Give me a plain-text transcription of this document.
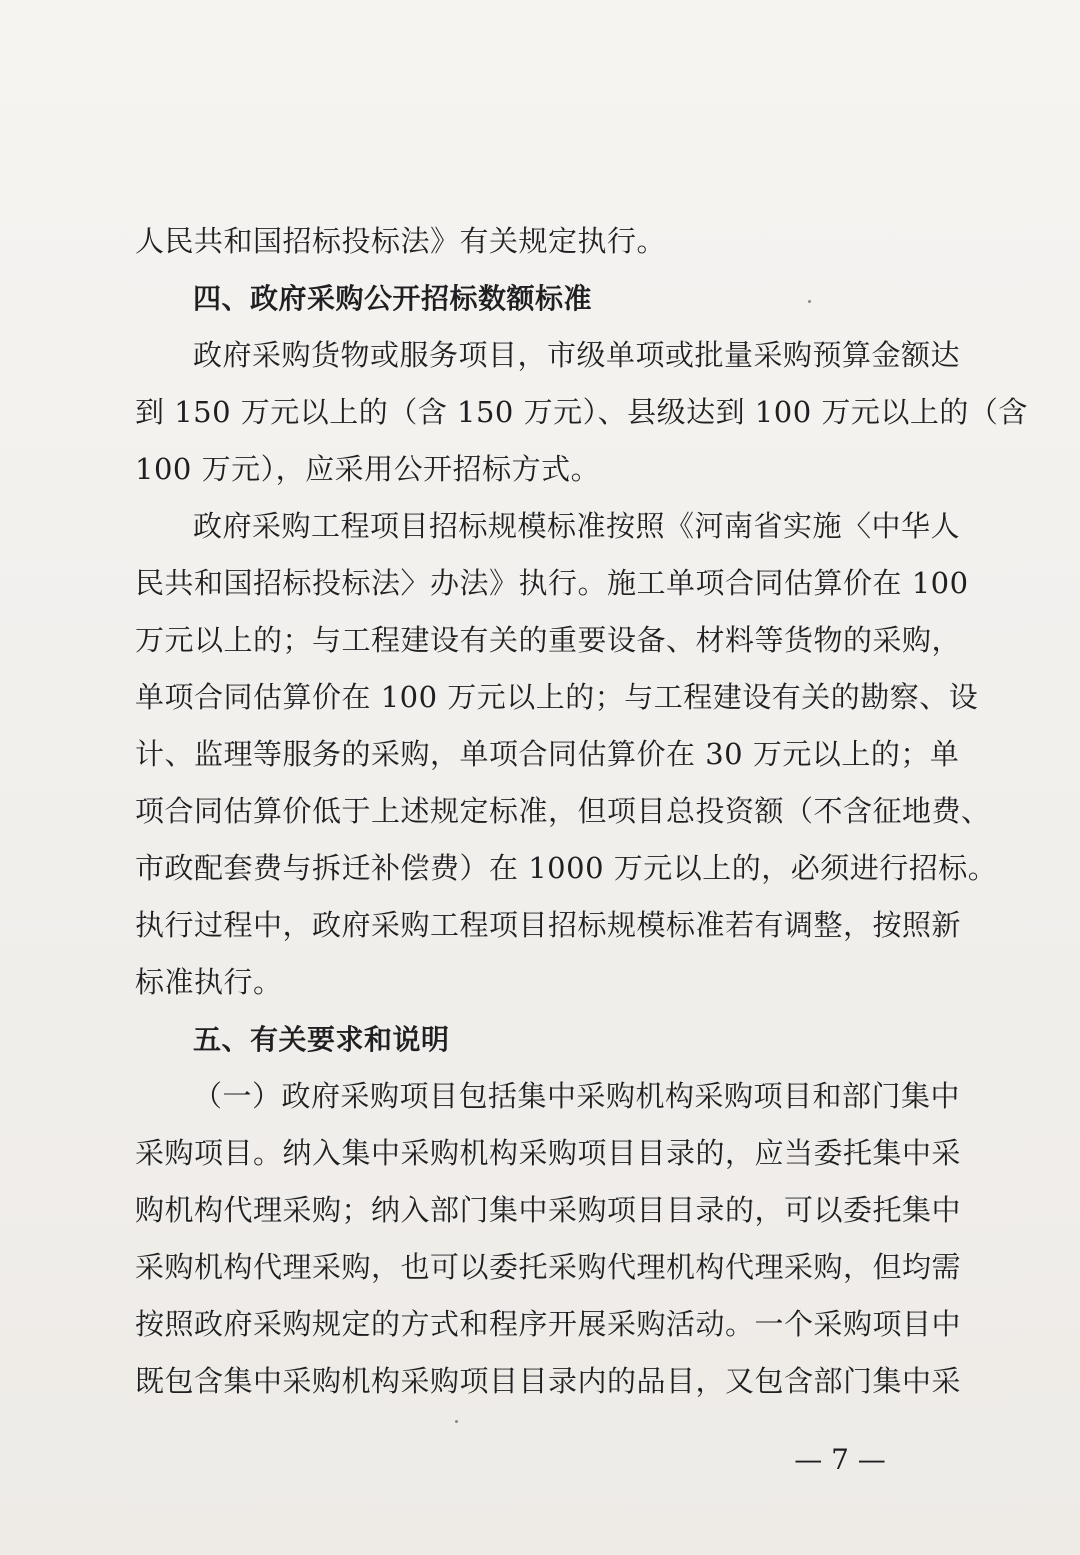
人民共和国招标投标法》有关规定执行。
四、政府采购公开招标数额标准
政府采购货物或服务项目，市级单项或批量采购预算金额达
到 150 万元以上的（含 150 万元）、县级达到 100 万元以上的（含
100 万元），应采用公开招标方式。
政府采购工程项目招标规模标准按照《河南省实施〈中华人
民共和国招标投标法〉办法》执行。施工单项合同估算价在 100
万元以上的；与工程建设有关的重要设备、材料等货物的采购，
单项合同估算价在 100 万元以上的；与工程建设有关的勘察、设
计、监理等服务的采购，单项合同估算价在 30 万元以上的；单
项合同估算价低于上述规定标准，但项目总投资额（不含征地费、
市政配套费与拆迁补偿费）在 1000 万元以上的，必须进行招标。
执行过程中，政府采购工程项目招标规模标准若有调整，按照新
标准执行。
五、有关要求和说明
（一）政府采购项目包括集中采购机构采购项目和部门集中
采购项目。纳入集中采购机构采购项目目录的，应当委托集中采
购机构代理采购；纳入部门集中采购项目目录的，可以委托集中
采购机构代理采购，也可以委托采购代理机构代理采购，但均需
按照政府采购规定的方式和程序开展采购活动。一个采购项目中
既包含集中采购机构采购项目目录内的品目，又包含部门集中采
— 7 —
